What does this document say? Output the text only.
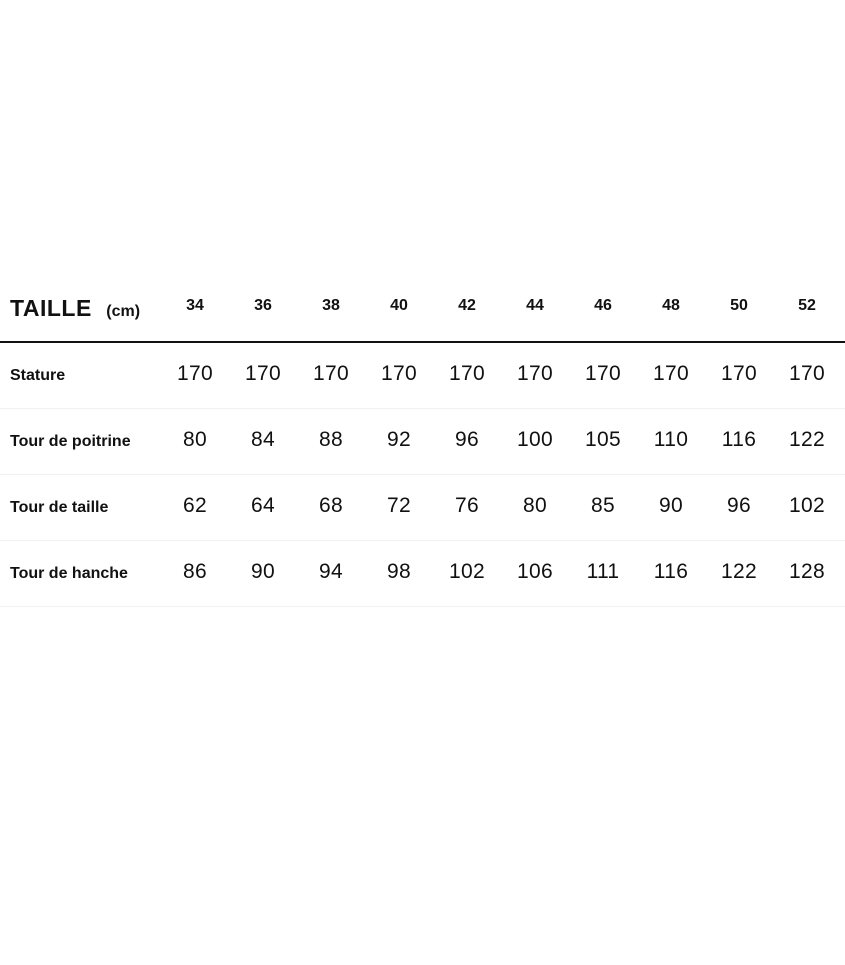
TAILLE (cm)	34	36	38	40	42	44	46	48	50	52
Stature	170	170	170	170	170	170	170	170	170	170
Tour de poitrine	80	84	88	92	96	100	105	110	116	122
Tour de taille	62	64	68	72	76	80	85	90	96	102
Tour de hanche	86	90	94	98	102	106	111	116	122	128
